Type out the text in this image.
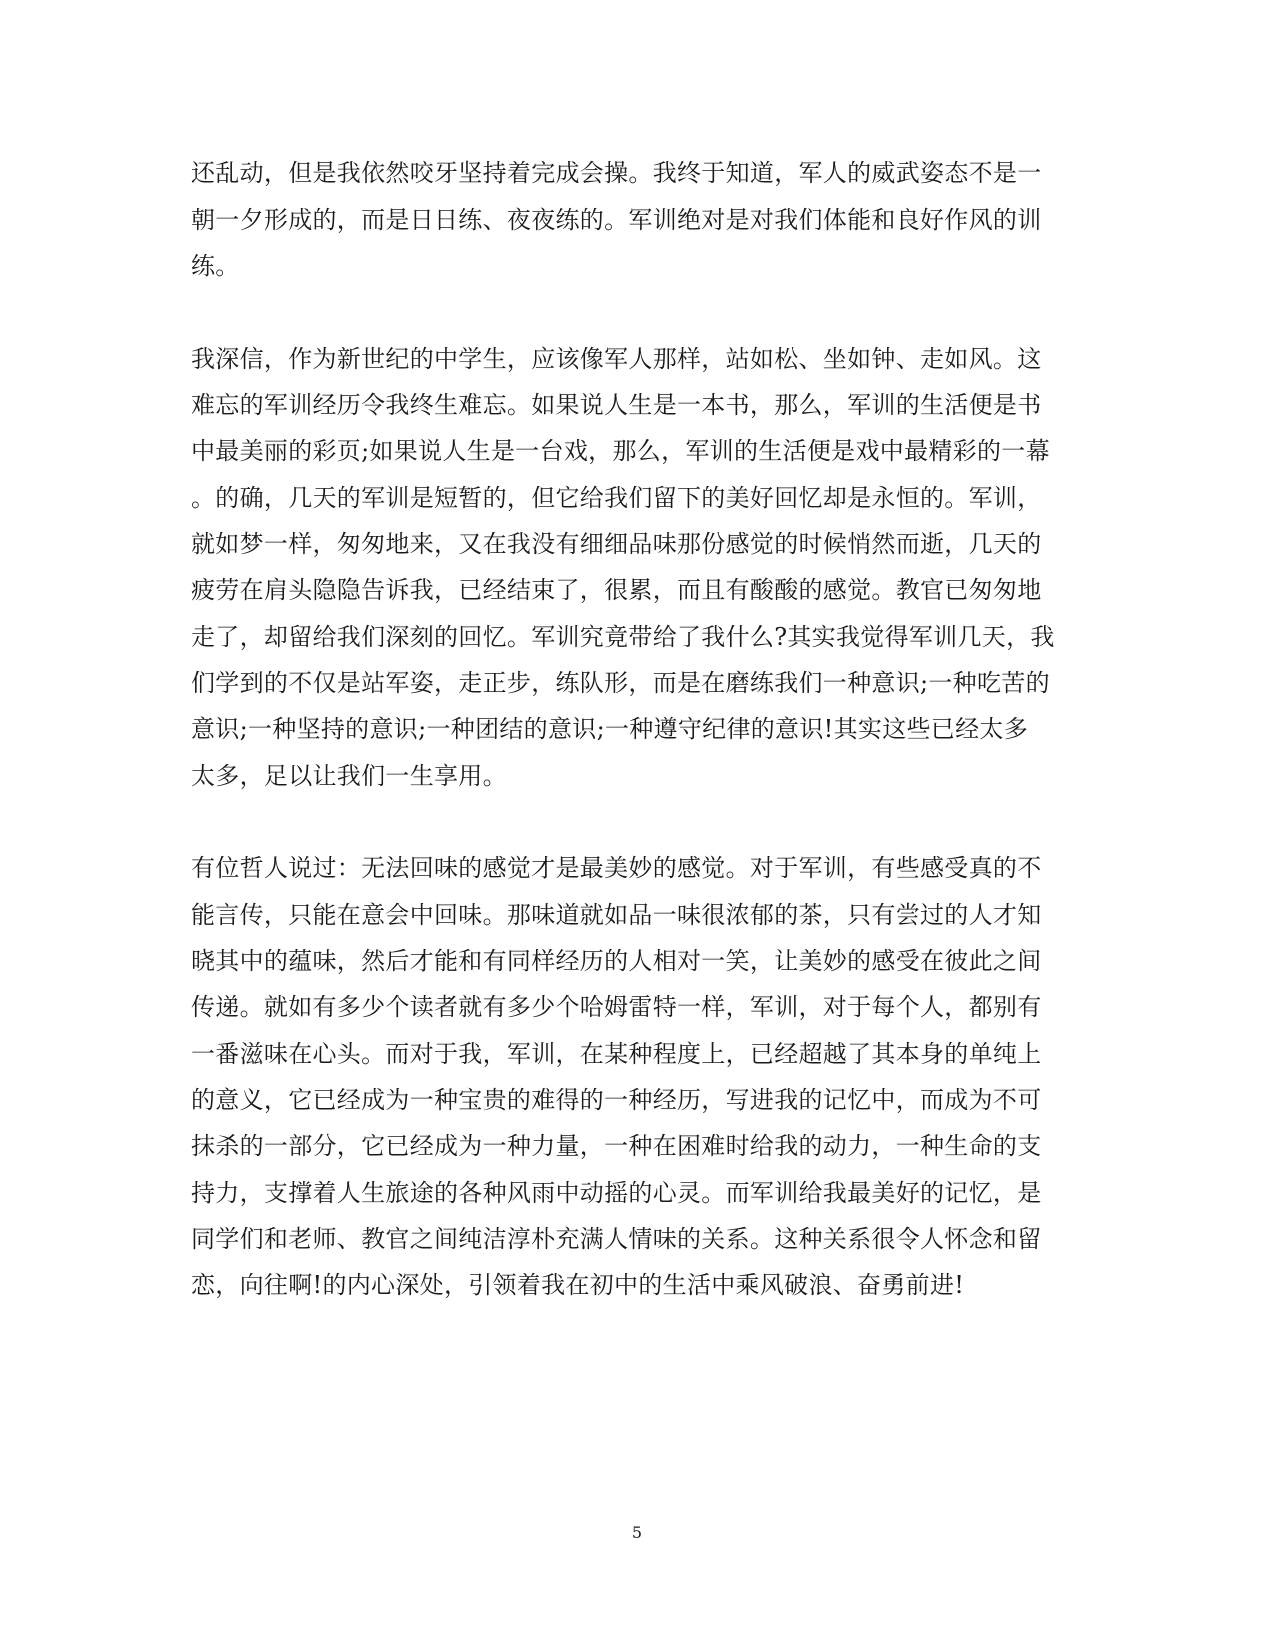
还乱动，但是我依然咬牙坚持着完成会操。我终于知道，军人的威武姿态不是一
朝一夕形成的，而是日日练、夜夜练的。军训绝对是对我们体能和良好作风的训
练。
我深信，作为新世纪的中学生，应该像军人那样，站如松、坐如钟、走如风。这
难忘的军训经历令我终生难忘。如果说人生是一本书，那么，军训的生活便是书
中最美丽的彩页;如果说人生是一台戏，那么，军训的生活便是戏中最精彩的一幕
。的确，几天的军训是短暂的，但它给我们留下的美好回忆却是永恒的。军训，
就如梦一样，匆匆地来，又在我没有细细品味那份感觉的时候悄然而逝，几天的
疲劳在肩头隐隐告诉我，已经结束了，很累，而且有酸酸的感觉。教官已匆匆地
走了，却留给我们深刻的回忆。军训究竟带给了我什么?其实我觉得军训几天，我
们学到的不仅是站军姿，走正步，练队形，而是在磨练我们一种意识;一种吃苦的
意识;一种坚持的意识;一种团结的意识;一种遵守纪律的意识!其实这些已经太多
太多，足以让我们一生享用。
有位哲人说过：无法回味的感觉才是最美妙的感觉。对于军训，有些感受真的不
能言传，只能在意会中回味。那味道就如品一味很浓郁的茶，只有尝过的人才知
晓其中的蕴味，然后才能和有同样经历的人相对一笑，让美妙的感受在彼此之间
传递。就如有多少个读者就有多少个哈姆雷特一样，军训，对于每个人，都别有
一番滋味在心头。而对于我，军训，在某种程度上，已经超越了其本身的单纯上
的意义，它已经成为一种宝贵的难得的一种经历，写进我的记忆中，而成为不可
抹杀的一部分，它已经成为一种力量，一种在困难时给我的动力，一种生命的支
持力，支撑着人生旅途的各种风雨中动摇的心灵。而军训给我最美好的记忆，是
同学们和老师、教官之间纯洁淳朴充满人情味的关系。这种关系很令人怀念和留
恋，向往啊!的内心深处，引领着我在初中的生活中乘风破浪、奋勇前进!
5
